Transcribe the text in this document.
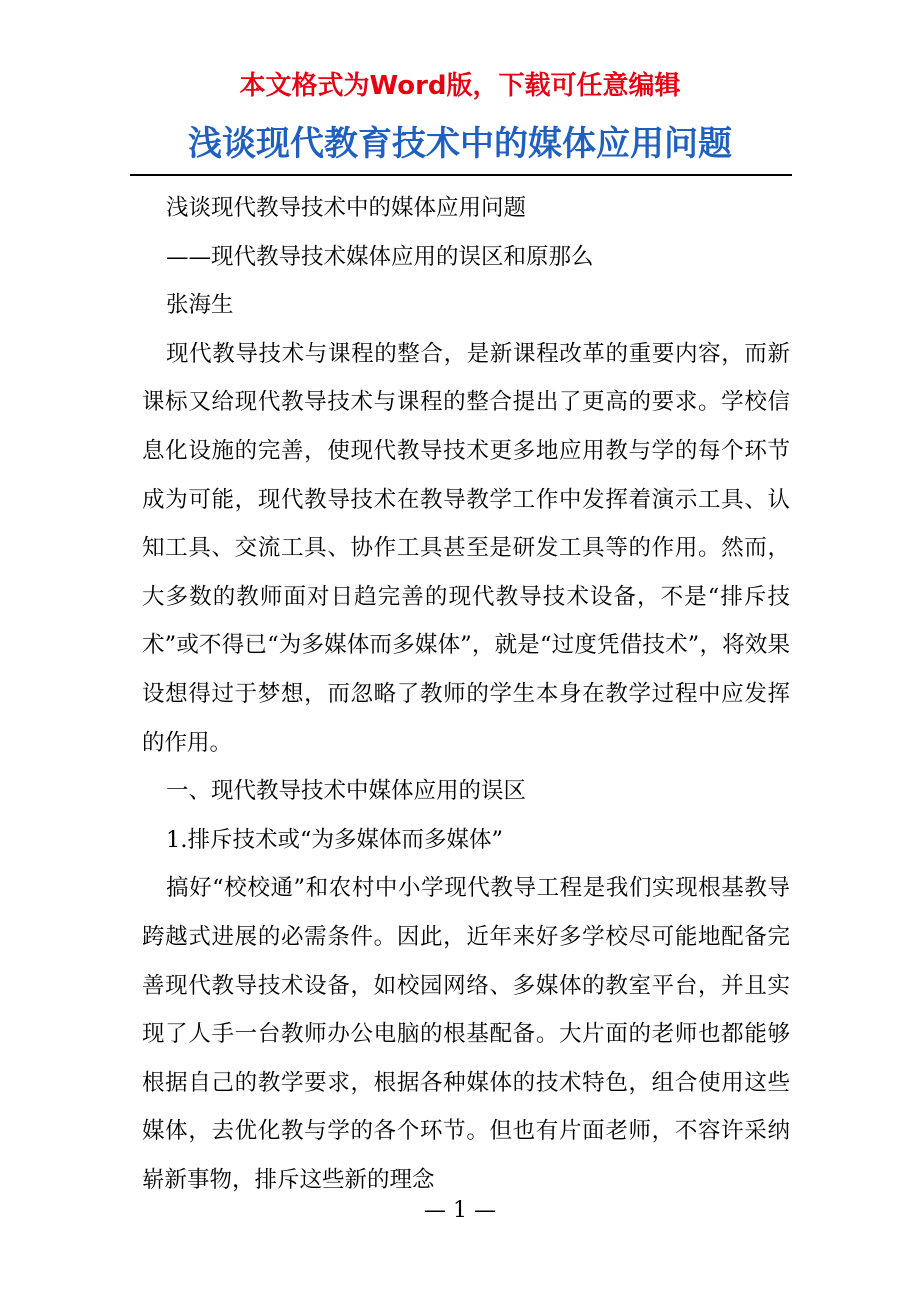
本文格式为Word版，下载可任意编辑
浅谈现代教育技术中的媒体应用问题

浅谈现代教导技术中的媒体应用问题

——现代教导技术媒体应用的误区和原那么

张海生

现代教导技术与课程的整合，是新课程改革的重要内容，而新课标又给现代教导技术与课程的整合提出了更高的要求。学校信息化设施的完善，使现代教导技术更多地应用教与学的每个环节成为可能，现代教导技术在教导教学工作中发挥着演示工具、认知工具、交流工具、协作工具甚至是研发工具等的作用。然而，大多数的教师面对日趋完善的现代教导技术设备，不是“排斥技术”或不得已“为多媒体而多媒体”，就是“过度凭借技术”，将效果设想得过于梦想，而忽略了教师的学生本身在教学过程中应发挥的作用。

一、现代教导技术中媒体应用的误区

1.排斥技术或“为多媒体而多媒体”

搞好“校校通”和农村中小学现代教导工程是我们实现根基教导跨越式进展的必需条件。因此，近年来好多学校尽可能地配备完善现代教导技术设备，如校园网络、多媒体的教室平台，并且实现了人手一台教师办公电脑的根基配备。大片面的老师也都能够根据自己的教学要求，根据各种媒体的技术特色，组合使用这些媒体，去优化教与学的各个环节。但也有片面老师，不容许采纳崭新事物，排斥这些新的理念

— 1 —
